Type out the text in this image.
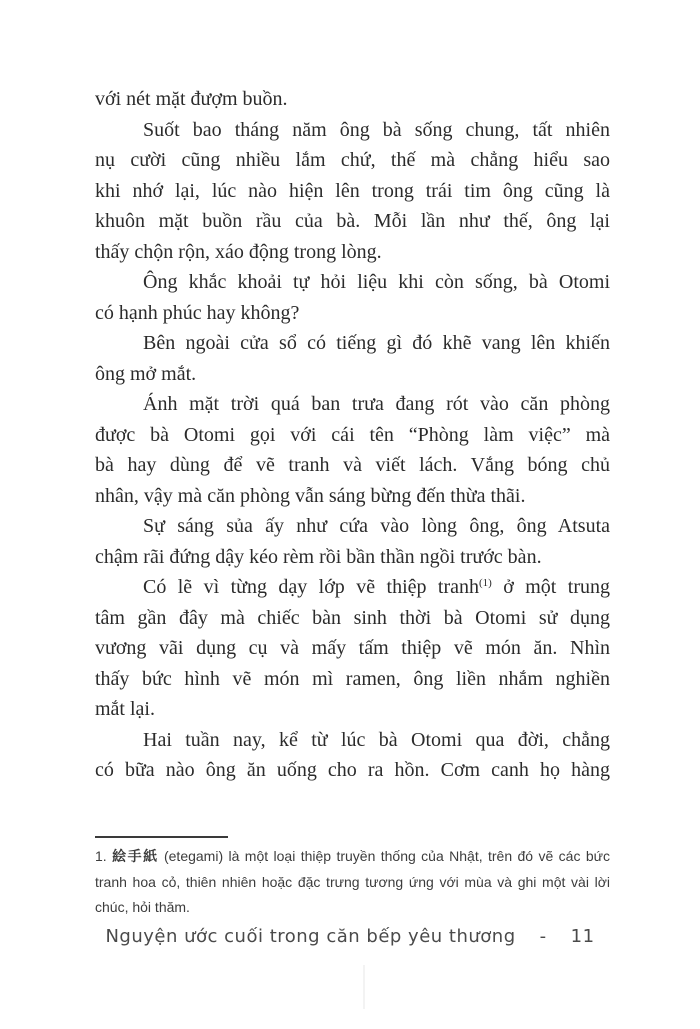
với nét mặt đượm buồn.
Suốt bao tháng năm ông bà sống chung, tất nhiên
nụ cười cũng nhiều lắm chứ, thế mà chẳng hiểu sao
khi nhớ lại, lúc nào hiện lên trong trái tim ông cũng là
khuôn mặt buồn rầu của bà. Mỗi lần như thế, ông lại
thấy chộn rộn, xáo động trong lòng.
Ông khắc khoải tự hỏi liệu khi còn sống, bà Otomi
có hạnh phúc hay không?
Bên ngoài cửa sổ có tiếng gì đó khẽ vang lên khiến
ông mở mắt.
Ánh mặt trời quá ban trưa đang rót vào căn phòng
được bà Otomi gọi với cái tên “Phòng làm việc” mà
bà hay dùng để vẽ tranh và viết lách. Vắng bóng chủ
nhân, vậy mà căn phòng vẫn sáng bừng đến thừa thãi.
Sự sáng sủa ấy như cứa vào lòng ông, ông Atsuta
chậm rãi đứng dậy kéo rèm rồi bần thần ngồi trước bàn.
Có lẽ vì từng dạy lớp vẽ thiệp tranh$^{(1)}$ ở một trung
tâm gần đây mà chiếc bàn sinh thời bà Otomi sử dụng
vương vãi dụng cụ và mấy tấm thiệp vẽ món ăn. Nhìn
thấy bức hình vẽ món mì ramen, ông liền nhắm nghiền
mắt lại.
Hai tuần nay, kể từ lúc bà Otomi qua đời, chẳng
có bữa nào ông ăn uống cho ra hồn. Cơm canh họ hàng
1. 絵手紙 (etegami) là một loại thiệp truyền thống của Nhật, trên đó vẽ các bức tranh hoa cỏ, thiên nhiên hoặc đặc trưng tương ứng với mùa và ghi một vài lời chúc, hỏi thăm.
Nguyện ước cuối trong căn bếp yêu thương - 11
